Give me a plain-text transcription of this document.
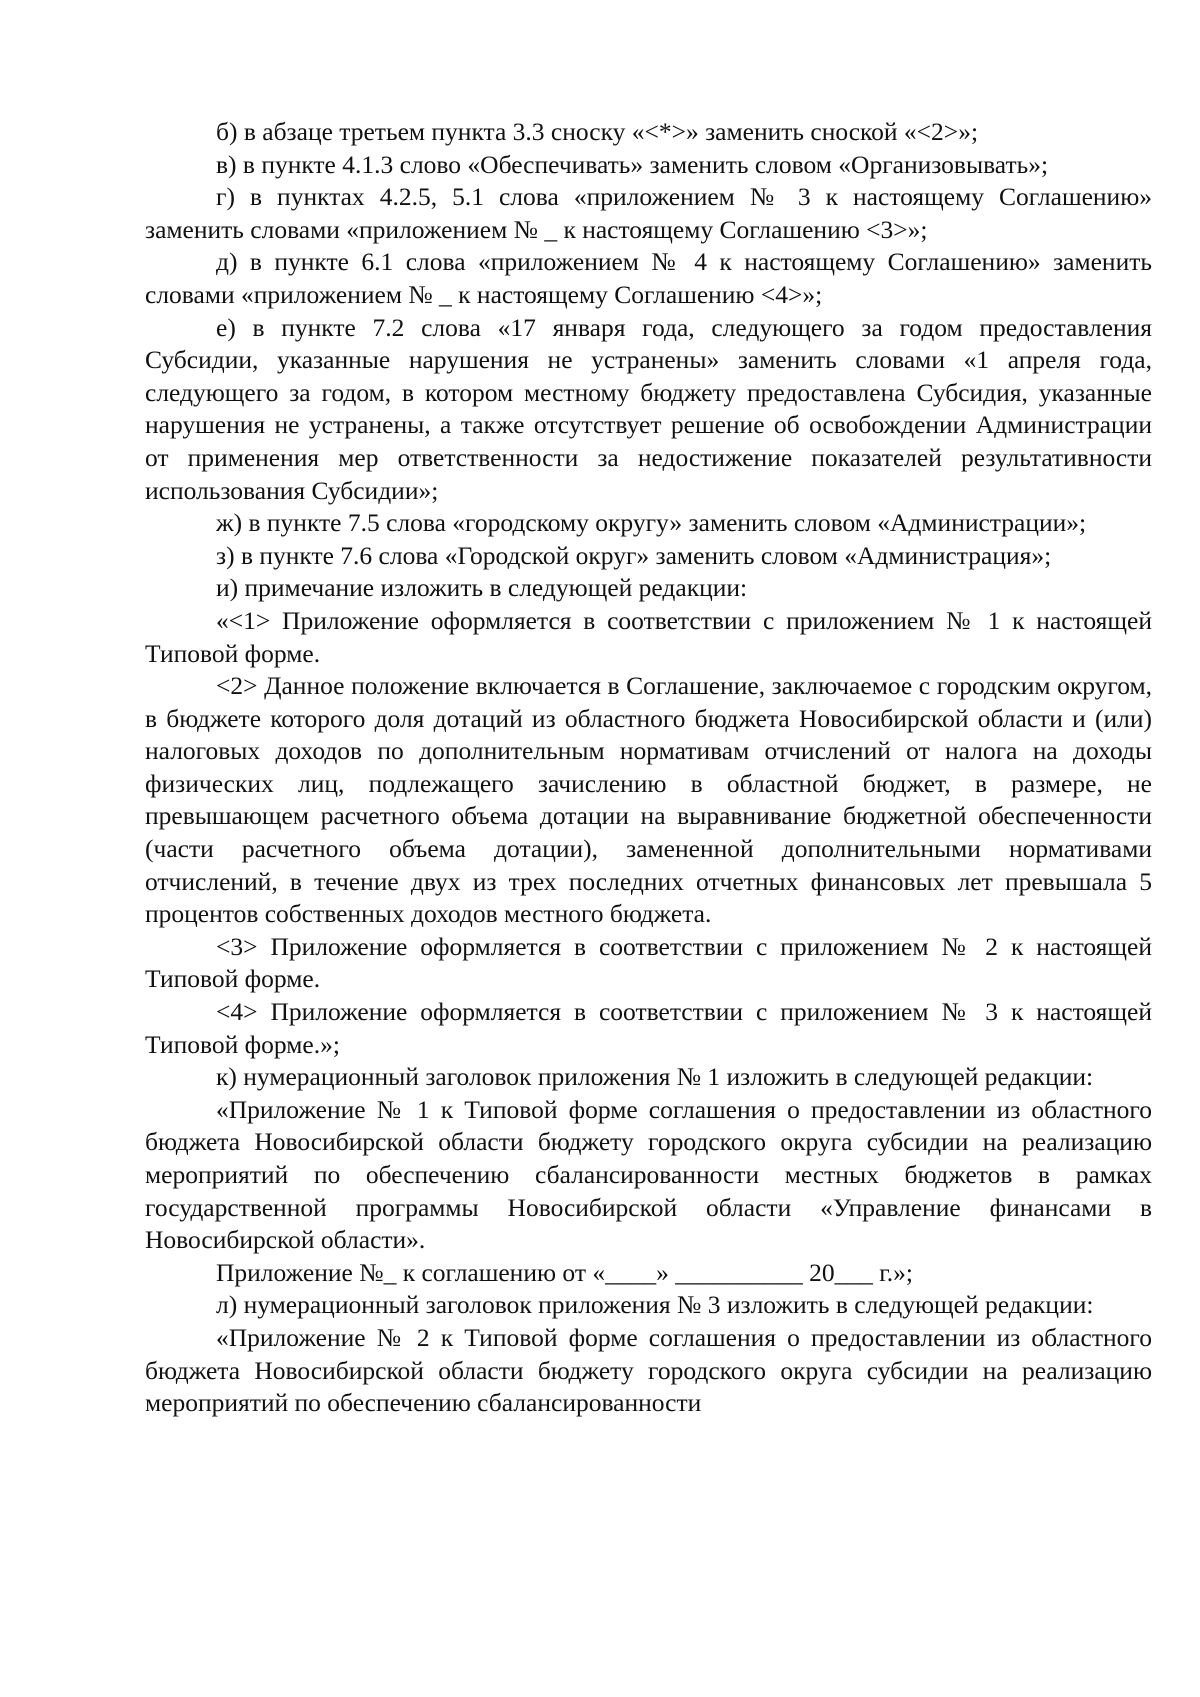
б) в абзаце третьем пункта 3.3 сноску «<*>» заменить сноской «<2>»;

в) в пункте 4.1.3 слово «Обеспечивать» заменить словом «Организовывать»;

г) в пунктах 4.2.5, 5.1 слова «приложением № 3 к настоящему Соглашению» заменить словами «приложением № _ к настоящему Соглашению <3>»;

д) в пункте 6.1 слова «приложением № 4 к настоящему Соглашению» заменить словами «приложением № _ к настоящему Соглашению <4>»;

е) в пункте 7.2 слова «17 января года, следующего за годом предоставления Субсидии, указанные нарушения не устранены» заменить словами «1 апреля года, следующего за годом, в котором местному бюджету предоставлена Субсидия, указанные нарушения не устранены, а также отсутствует решение об освобождении Администрации от применения мер ответственности за недостижение показателей результативности использования Субсидии»;

ж) в пункте 7.5 слова «городскому округу» заменить словом «Администрации»;

з) в пункте 7.6 слова «Городской округ» заменить словом «Администрация»;

и) примечание изложить в следующей редакции:

«<1> Приложение оформляется в соответствии с приложением № 1 к настоящей Типовой форме.

<2> Данное положение включается в Соглашение, заключаемое с городским округом, в бюджете которого доля дотаций из областного бюджета Новосибирской области и (или) налоговых доходов по дополнительным нормативам отчислений от налога на доходы физических лиц, подлежащего зачислению в областной бюджет, в размере, не превышающем расчетного объема дотации на выравнивание бюджетной обеспеченности (части расчетного объема дотации), замененной дополнительными нормативами отчислений, в течение двух из трех последних отчетных финансовых лет превышала 5 процентов собственных доходов местного бюджета.

<3> Приложение оформляется в соответствии с приложением № 2 к настоящей Типовой форме.

<4> Приложение оформляется в соответствии с приложением № 3 к настоящей Типовой форме.»;

к) нумерационный заголовок приложения № 1 изложить в следующей редакции:

«Приложение № 1 к Типовой форме соглашения о предоставлении из областного бюджета Новосибирской области бюджету городского округа субсидии на реализацию мероприятий по обеспечению сбалансированности местных бюджетов в рамках государственной программы Новосибирской области «Управление финансами в Новосибирской области».

Приложение №_ к соглашению от «____» __________ 20___ г.»;

л) нумерационный заголовок приложения № 3 изложить в следующей редакции:

«Приложение № 2 к Типовой форме соглашения о предоставлении из областного бюджета Новосибирской области бюджету городского округа субсидии на реализацию мероприятий по обеспечению сбалансированности
